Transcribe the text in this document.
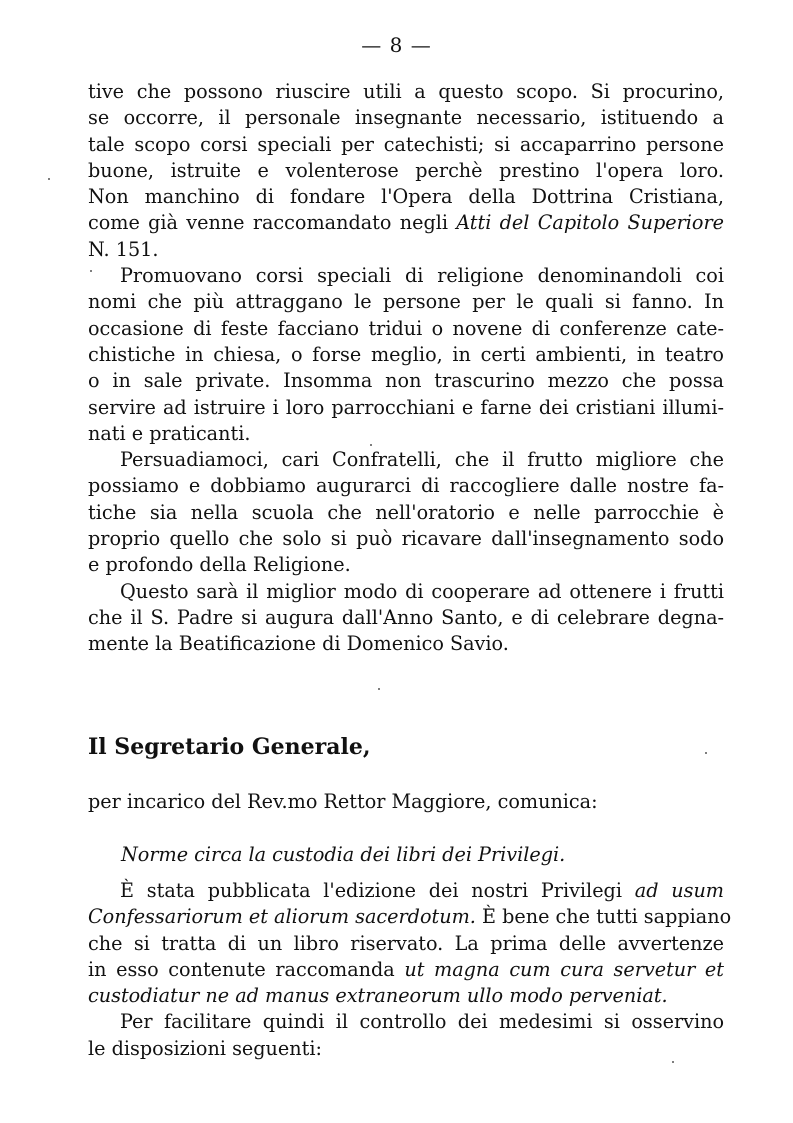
— 8 —
tive che possono riuscire utili a questo scopo. Si procurino,
se occorre, il personale insegnante necessario, istituendo a
tale scopo corsi speciali per catechisti; si accaparrino persone
buone, istruite e volenterose perchè prestino l'opera loro.
Non manchino di fondare l'Opera della Dottrina Cristiana,
come già venne raccomandato negli Atti del Capitolo Superiore
N. 151.
Promuovano corsi speciali di religione denominandoli coi
nomi che più attraggano le persone per le quali si fanno. In
occasione di feste facciano tridui o novene di conferenze cate-
chistiche in chiesa, o forse meglio, in certi ambienti, in teatro
o in sale private. Insomma non trascurino mezzo che possa
servire ad istruire i loro parrocchiani e farne dei cristiani illumi-
nati e praticanti.
Persuadiamoci, cari Confratelli, che il frutto migliore che
possiamo e dobbiamo augurarci di raccogliere dalle nostre fa-
tiche sia nella scuola che nell'oratorio e nelle parrocchie è
proprio quello che solo si può ricavare dall'insegnamento sodo
e profondo della Religione.
Questo sarà il miglior modo di cooperare ad ottenere i frutti
che il S. Padre si augura dall'Anno Santo, e di celebrare degna-
mente la Beatificazione di Domenico Savio.
Il Segretario Generale,
per incarico del Rev.mo Rettor Maggiore, comunica:
Norme circa la custodia dei libri dei Privilegi.
È stata pubblicata l'edizione dei nostri Privilegi ad usum
Confessariorum et aliorum sacerdotum. È bene che tutti sappiano
che si tratta di un libro riservato. La prima delle avvertenze
in esso contenute raccomanda ut magna cum cura servetur et
custodiatur ne ad manus extraneorum ullo modo perveniat.
Per facilitare quindi il controllo dei medesimi si osservino
le disposizioni seguenti:
